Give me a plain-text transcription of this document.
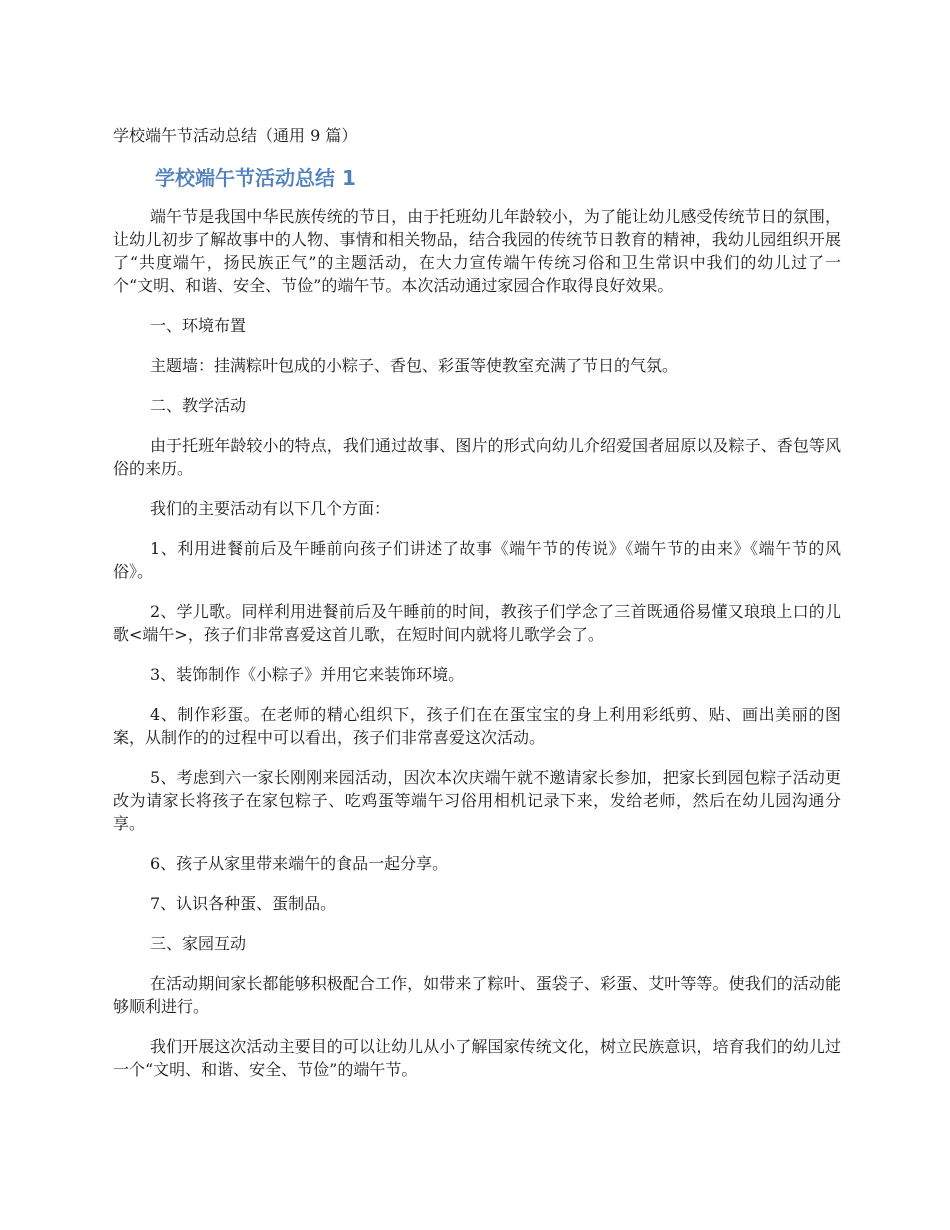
学校端午节活动总结（通用 9 篇）
学校端午节活动总结 1

端午节是我国中华民族传统的节日，由于托班幼儿年龄较小，为了能让幼儿感受传统节日的氛围，让幼儿初步了解故事中的人物、事情和相关物品，结合我园的传统节日教育的精神，我幼儿园组织开展了“共度端午，扬民族正气”的主题活动，在大力宣传端午传统习俗和卫生常识中我们的幼儿过了一个“文明、和谐、安全、节俭”的端午节。本次活动通过家园合作取得良好效果。

一、环境布置

主题墙：挂满粽叶包成的小粽子、香包、彩蛋等使教室充满了节日的气氛。

二、教学活动

由于托班年龄较小的特点，我们通过故事、图片的形式向幼儿介绍爱国者屈原以及粽子、香包等风俗的来历。

我们的主要活动有以下几个方面：

1、利用进餐前后及午睡前向孩子们讲述了故事《端午节的传说》《端午节的由来》《端午节的风俗》。

2、学儿歌。同样利用进餐前后及午睡前的时间，教孩子们学念了三首既通俗易懂又琅琅上口的儿歌<端午>，孩子们非常喜爱这首儿歌，在短时间内就将儿歌学会了。

3、装饰制作《小粽子》并用它来装饰环境。

4、制作彩蛋。在老师的精心组织下，孩子们在在蛋宝宝的身上利用彩纸剪、贴、画出美丽的图案，从制作的的过程中可以看出，孩子们非常喜爱这次活动。

5、考虑到六一家长刚刚来园活动，因次本次庆端午就不邀请家长参加，把家长到园包粽子活动更改为请家长将孩子在家包粽子、吃鸡蛋等端午习俗用相机记录下来，发给老师，然后在幼儿园沟通分享。

6、孩子从家里带来端午的食品一起分享。

7、认识各种蛋、蛋制品。

三、家园互动

在活动期间家长都能够积极配合工作，如带来了粽叶、蛋袋子、彩蛋、艾叶等等。使我们的活动能够顺利进行。

我们开展这次活动主要目的可以让幼儿从小了解国家传统文化，树立民族意识，培育我们的幼儿过一个“文明、和谐、安全、节俭”的端午节。
